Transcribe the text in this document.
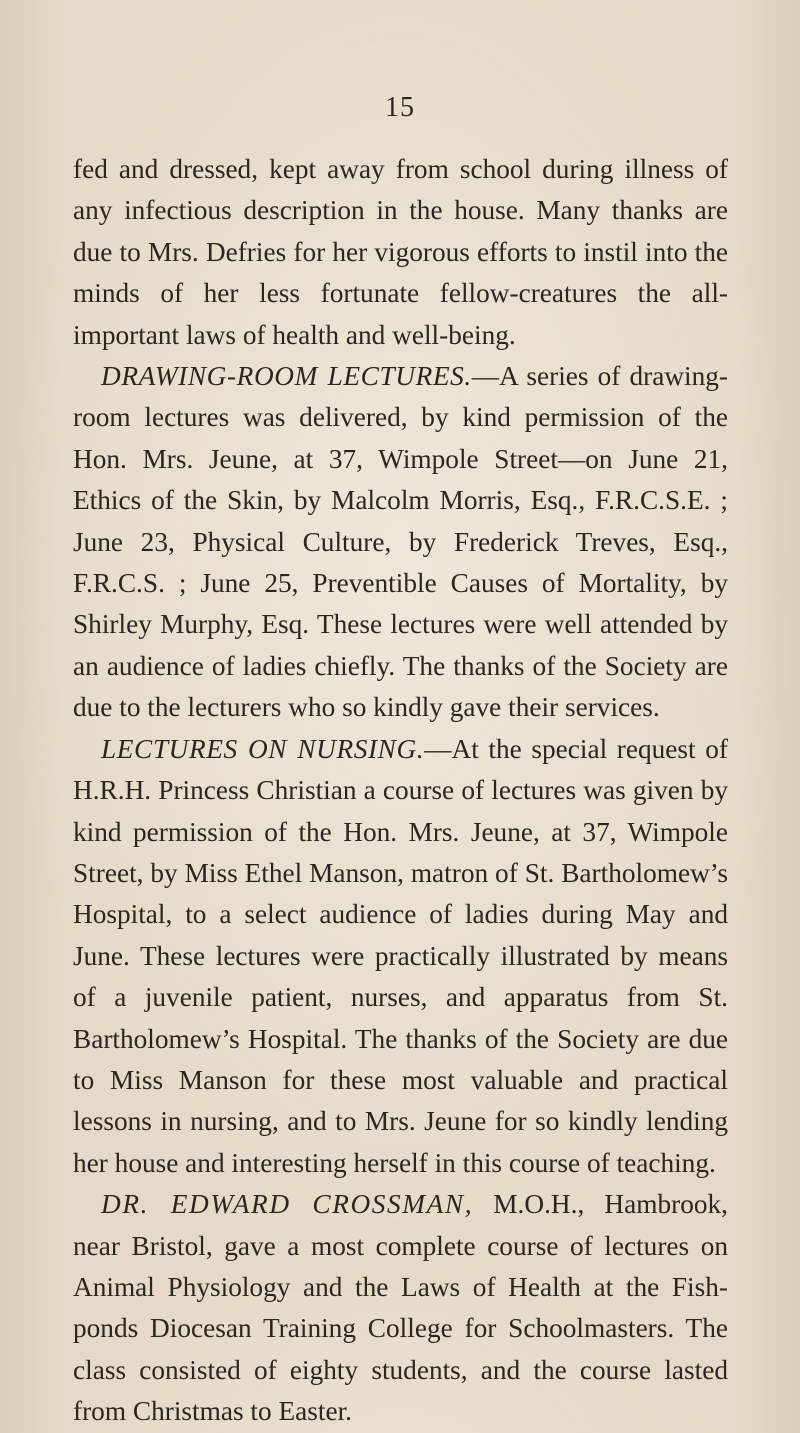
15

fed and dressed, kept away from school during illness of any infectious description in the house. Many thanks are due to Mrs. Defries for her vigorous efforts to instil into the minds of her less fortunate fellow-creatures the all-important laws of health and well-being.

DRAWING-ROOM LECTURES.—A series of drawing-room lectures was delivered, by kind permission of the Hon. Mrs. Jeune, at 37, Wimpole Street—on June 21, Ethics of the Skin, by Malcolm Morris, Esq., F.R.C.S.E. ; June 23, Physical Culture, by Frederick Treves, Esq., F.R.C.S. ; June 25, Preventible Causes of Mortality, by Shirley Murphy, Esq. These lectures were well attended by an audience of ladies chiefly. The thanks of the Society are due to the lecturers who so kindly gave their services.

LECTURES ON NURSING.—At the special request of H.R.H. Princess Christian a course of lectures was given by kind permission of the Hon. Mrs. Jeune, at 37, Wimpole Street, by Miss Ethel Manson, matron of St. Bartholomew’s Hospital, to a select audience of ladies during May and June. These lectures were practically illustrated by means of a juvenile patient, nurses, and apparatus from St. Bartholomew’s Hospital. The thanks of the Society are due to Miss Manson for these most valuable and practical lessons in nursing, and to Mrs. Jeune for so kindly lending her house and interesting herself in this course of teaching.

DR. EDWARD CROSSMAN, M.O.H., Hambrook, near Bristol, gave a most complete course of lectures on Animal Physiology and the Laws of Health at the Fish-ponds Diocesan Training College for Schoolmasters. The class consisted of eighty students, and the course lasted from Christmas to Easter.
